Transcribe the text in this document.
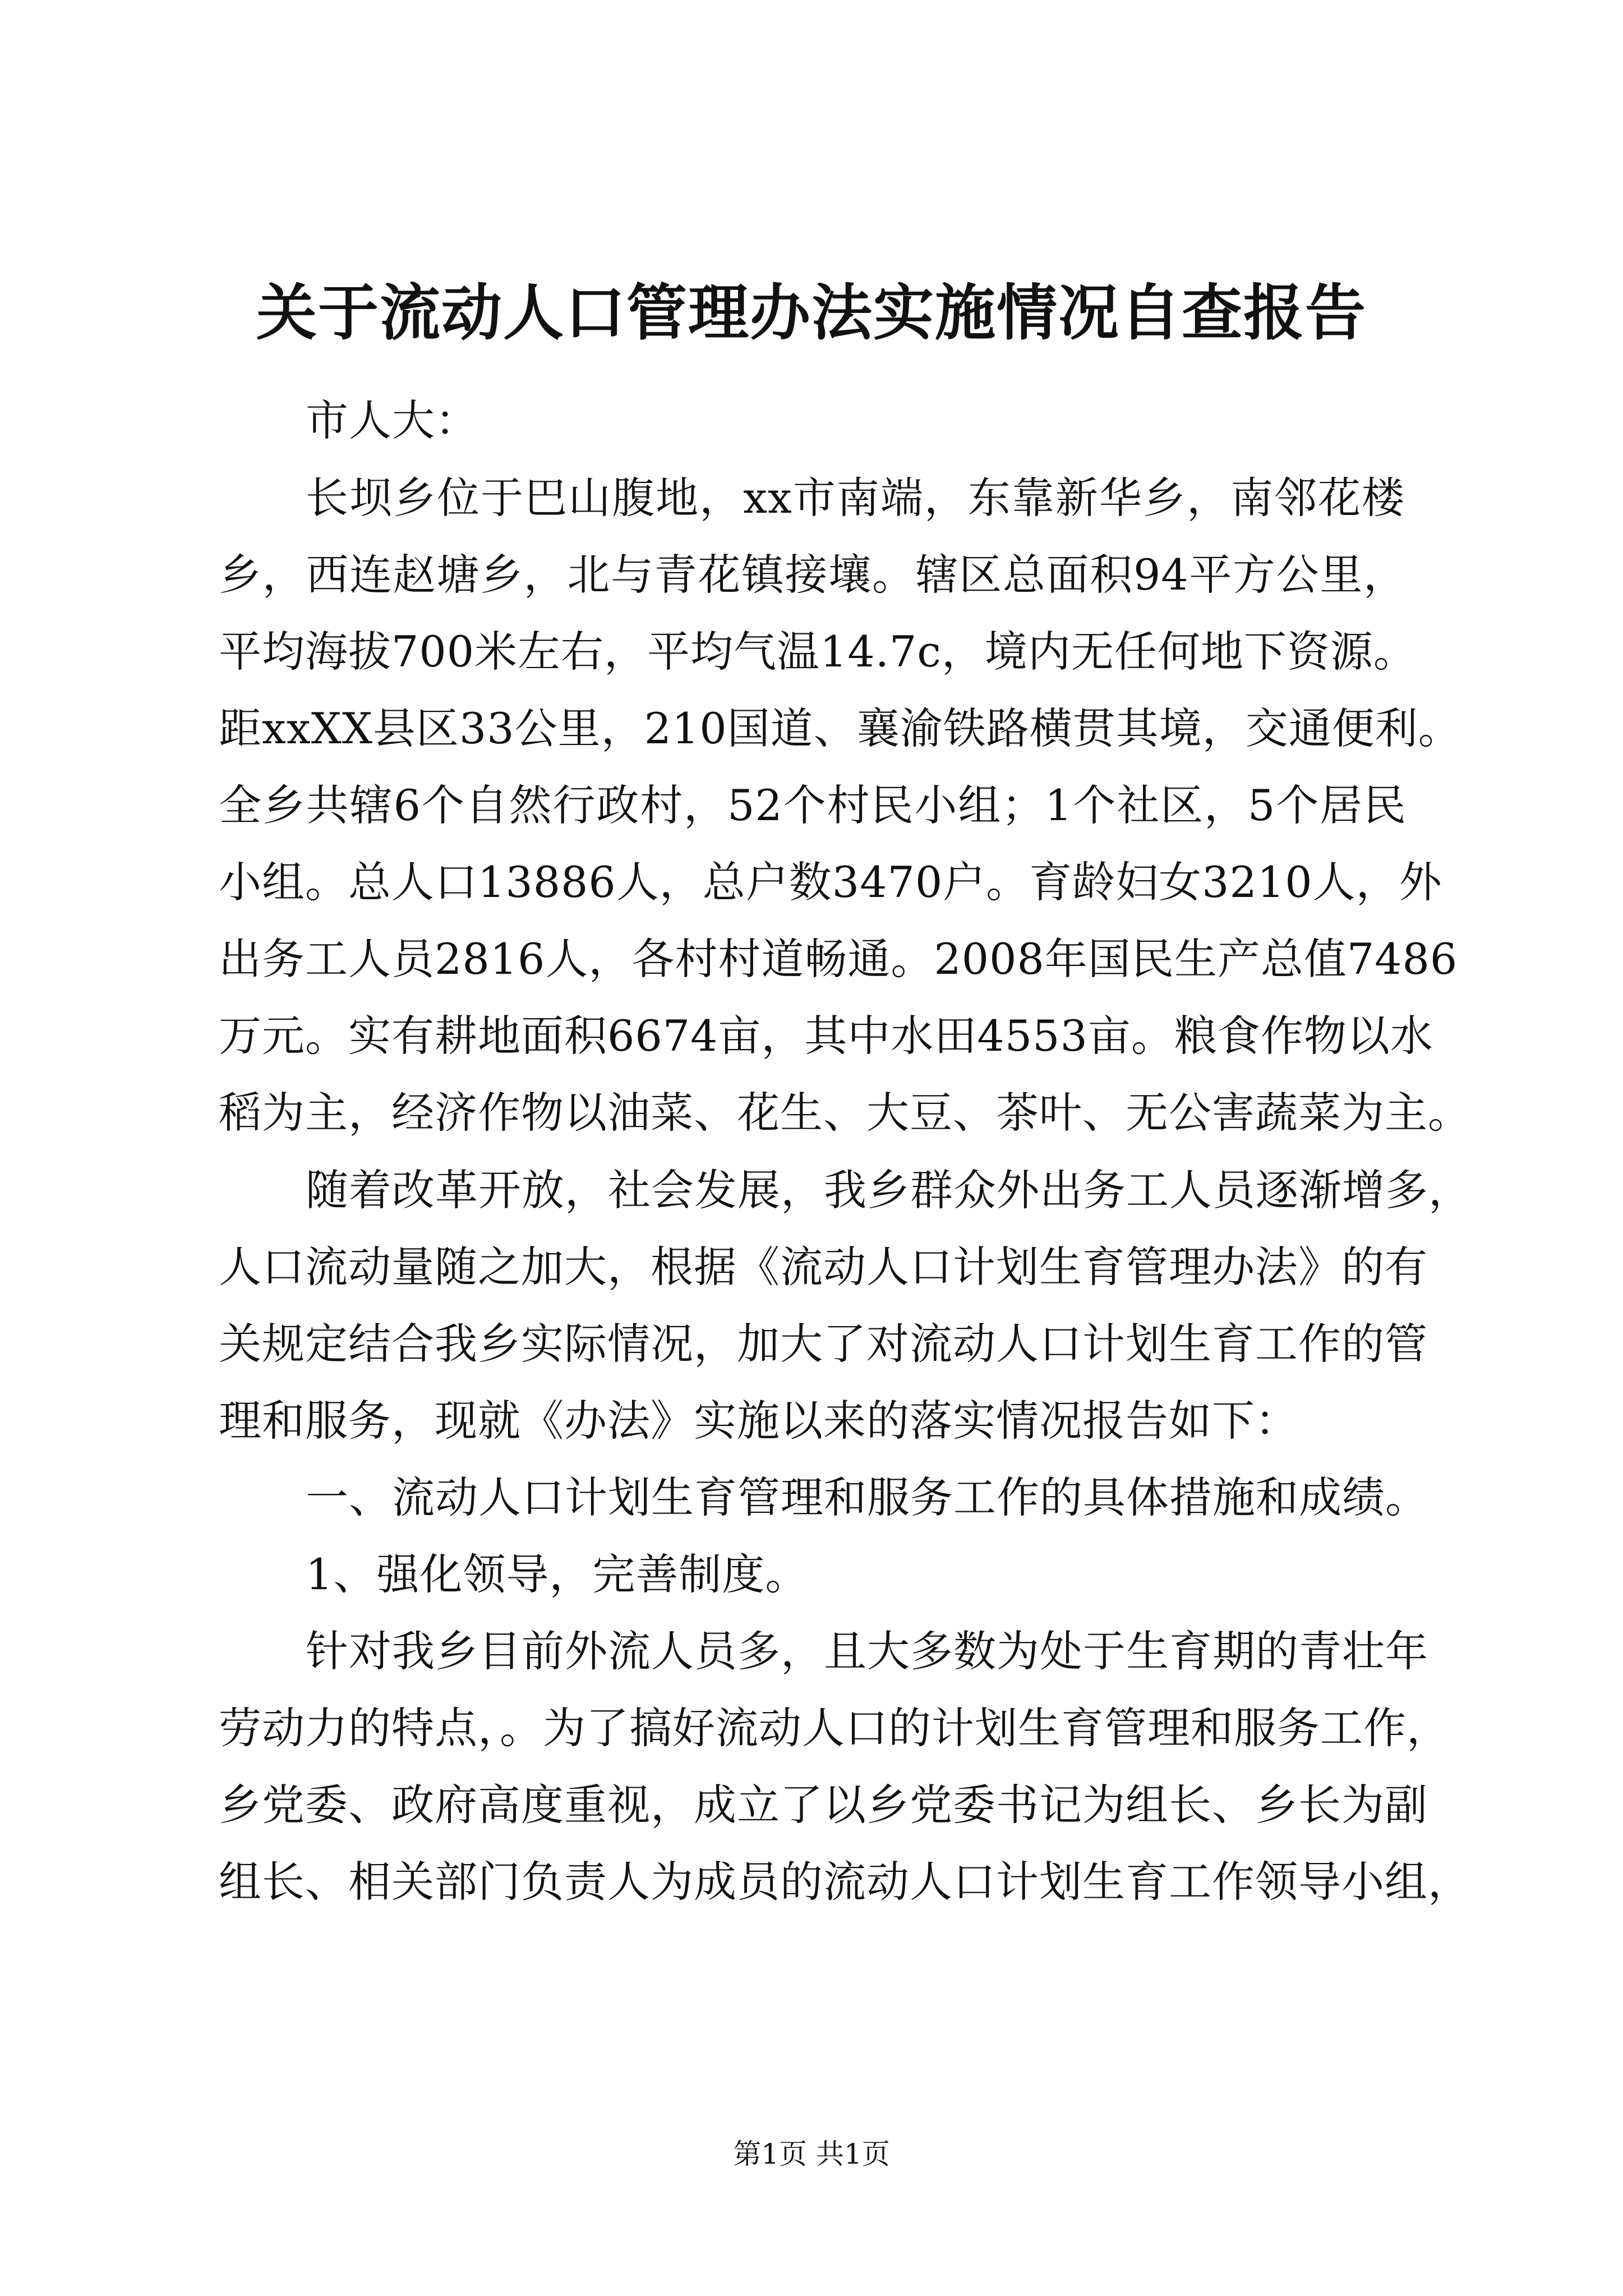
关于流动人口管理办法实施情况自查报告

市人大：

长坝乡位于巴山腹地，xx市南端，东靠新华乡，南邻花楼

乡，西连赵塘乡，北与青花镇接壤。辖区总面积94平方公里，

平均海拔700米左右，平均气温14.7c，境内无任何地下资源。

距xxXX县区33公里，210国道、襄渝铁路横贯其境，交通便利。

全乡共辖6个自然行政村，52个村民小组；1个社区，5个居民

小组。总人口13886人，总户数3470户。育龄妇女3210人，外

出务工人员2816人，各村村道畅通。2008年国民生产总值7486

万元。实有耕地面积6674亩，其中水田4553亩。粮食作物以水

稻为主，经济作物以油菜、花生、大豆、茶叶、无公害蔬菜为主。

随着改革开放，社会发展，我乡群众外出务工人员逐渐增多，

人口流动量随之加大，根据《流动人口计划生育管理办法》的有

关规定结合我乡实际情况，加大了对流动人口计划生育工作的管

理和服务，现就《办法》实施以来的落实情况报告如下：

一、流动人口计划生育管理和服务工作的具体措施和成绩。

1、强化领导，完善制度。

针对我乡目前外流人员多，且大多数为处于生育期的青壮年

劳动力的特点，。为了搞好流动人口的计划生育管理和服务工作，

乡党委、政府高度重视，成立了以乡党委书记为组长、乡长为副

组长、相关部门负责人为成员的流动人口计划生育工作领导小组，

第1页 共1页
